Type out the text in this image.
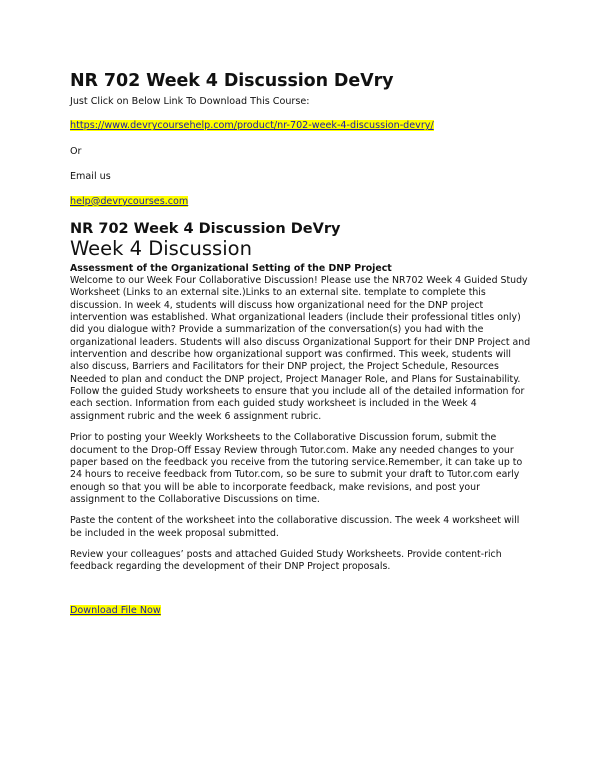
NR 702 Week 4 Discussion DeVry

Just Click on Below Link To Download This Course:

https://www.devrycoursehelp.com/product/nr-702-week-4-discussion-devry/

Or

Email us

help@devrycourses.com

NR 702 Week 4 Discussion DeVry
Week 4 Discussion

Assessment of the Organizational Setting of the DNP Project

Welcome to our Week Four Collaborative Discussion! Please use the NR702 Week 4 Guided Study Worksheet (Links to an external site.)Links to an external site. template to complete this discussion. In week 4, students will discuss how organizational need for the DNP project intervention was established. What organizational leaders (include their professional titles only) did you dialogue with? Provide a summarization of the conversation(s) you had with the organizational leaders. Students will also discuss Organizational Support for their DNP Project and intervention and describe how organizational support was confirmed. This week, students will also discuss, Barriers and Facilitators for their DNP project, the Project Schedule, Resources Needed to plan and conduct the DNP project, Project Manager Role, and Plans for Sustainability. Follow the guided Study worksheets to ensure that you include all of the detailed information for each section. Information from each guided study worksheet is included in the Week 4 assignment rubric and the week 6 assignment rubric.

Prior to posting your Weekly Worksheets to the Collaborative Discussion forum, submit the document to the Drop-Off Essay Review through Tutor.com. Make any needed changes to your paper based on the feedback you receive from the tutoring service.Remember, it can take up to 24 hours to receive feedback from Tutor.com, so be sure to submit your draft to Tutor.com early enough so that you will be able to incorporate feedback, make revisions, and post your assignment to the Collaborative Discussions on time.

Paste the content of the worksheet into the collaborative discussion. The week 4 worksheet will be included in the week proposal submitted.

Review your colleagues’ posts and attached Guided Study Worksheets. Provide content-rich feedback regarding the development of their DNP Project proposals.

Download File Now
